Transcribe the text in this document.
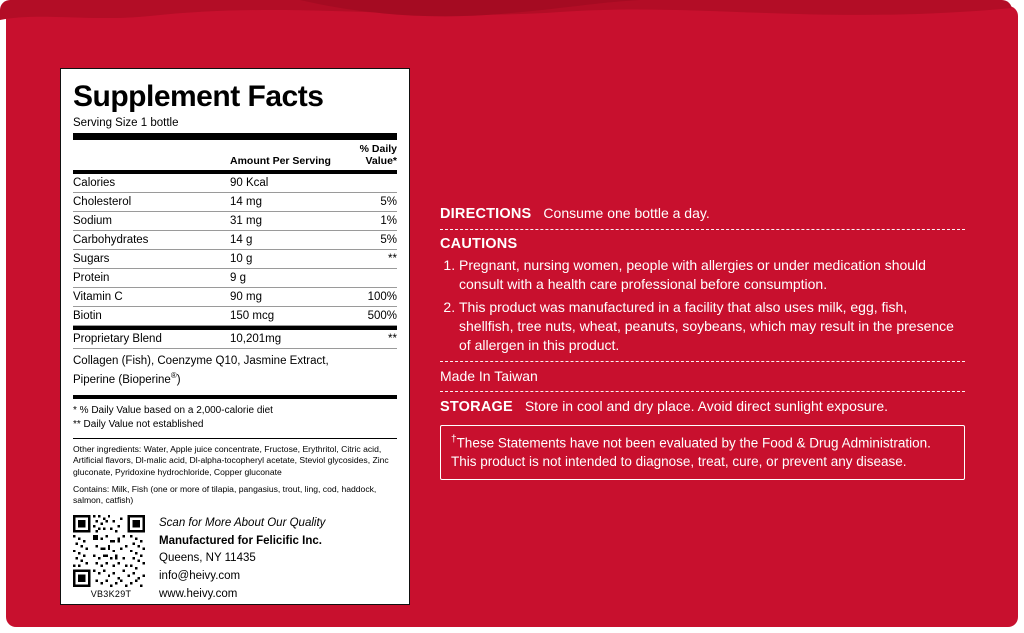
Supplement Facts
Serving Size 1 bottle
	Amount Per Serving	% Daily Value*
Calories	90 Kcal	
Cholesterol	14 mg	5%
Sodium	31 mg	1%
Carbohydrates	14 g	5%
Sugars	10 g	**
Protein	9 g	
Vitamin C	90 mg	100%
Biotin	150 mcg	500%
Proprietary Blend	10,201mg	**
Collagen (Fish), Coenzyme Q10, Jasmine Extract,
Piperine (Bioperine®)
* % Daily Value based on a 2,000-calorie diet
** Daily Value not established
Other ingredients: Water, Apple juice concentrate, Fructose, Erythritol, Citric acid, Artificial flavors, Dl-malic acid, Dl-alpha-tocopheryl acetate, Steviol glycosides, Zinc gluconate, Pyridoxine hydrochloride, Copper gluconate
Contains: Milk, Fish (one or more of tilapia, pangasius, trout, ling, cod, haddock, salmon, catfish)
VB3K29T
Scan for More About Our Quality
Manufactured for Felicific Inc.
Queens, NY 11435
info@heivy.com
www.heivy.com
DIRECTIONS Consume one bottle a day.
CAUTIONS
1. Pregnant, nursing women, people with allergies or under medication should consult with a health care professional before consumption.
2. This product was manufactured in a facility that also uses milk, egg, fish, shellfish, tree nuts, wheat, peanuts, soybeans, which may result in the presence of allergen in this product.
Made In Taiwan
STORAGE Store in cool and dry place. Avoid direct sunlight exposure.
†These Statements have not been evaluated by the Food & Drug Administration.
This product is not intended to diagnose, treat, cure, or prevent any disease.
